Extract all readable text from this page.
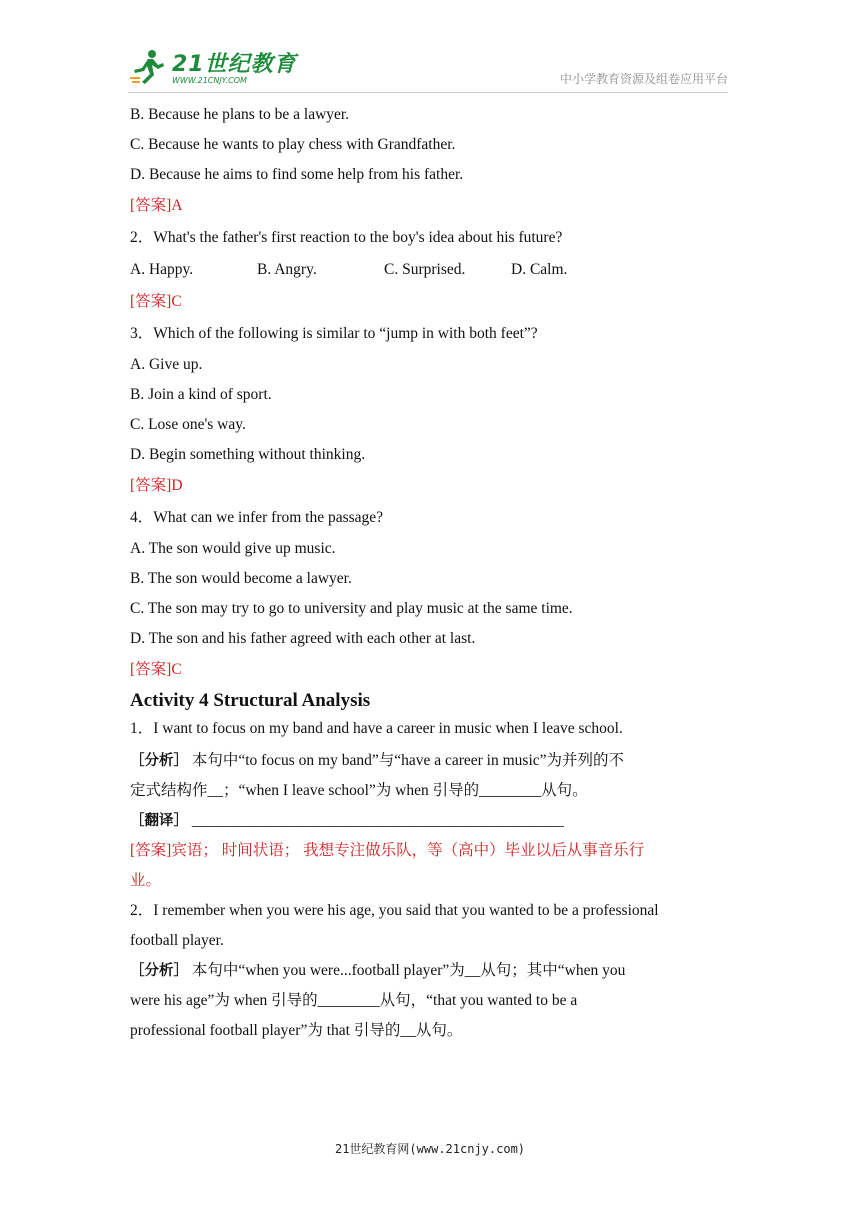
21世纪教育
WWW.21CNJY.COM	中小学教育资源及组卷应用平台
B. Because he plans to be a lawyer.
C. Because he wants to play chess with Grandfather.
D. Because he aims to find some help from his father.
[答案]A
2．What's the father's first reaction to the boy's idea about his future?
A. Happy.	B. Angry.	C. Surprised.	D. Calm.
[答案]C
3．Which of the following is similar to “jump in with both feet”?
A. Give up.
B. Join a kind of sport.
C. Lose one's way.
D. Begin something without thinking.
[答案]D
4．What can we infer from the passage?
A. The son would give up music.
B. The son would become a lawyer.
C. The son may try to go to university and play music at the same time.
D. The son and his father agreed with each other at last.
[答案]C
Activity 4 Structural Analysis
1．I want to focus on my band and have a career in music when I leave school.
［分析］ 本句中“to focus on my band”与“have a career in music”为并列的不
定式结构作__；“when I leave school”为 when 引导的________从句。
［翻译］ ________________________________________________
[答案]宾语； 时间状语； 我想专注做乐队，等（高中）毕业以后从事音乐行
业。
2．I remember when you were his age, you said that you wanted to be a professional
football player.
［分析］ 本句中“when you were...football player”为__从句；其中“when you
were his age”为 when 引导的________从句，“that you wanted to be a
professional football player”为 that 引导的__从句。
21世纪教育网(www.21cnjy.com)
